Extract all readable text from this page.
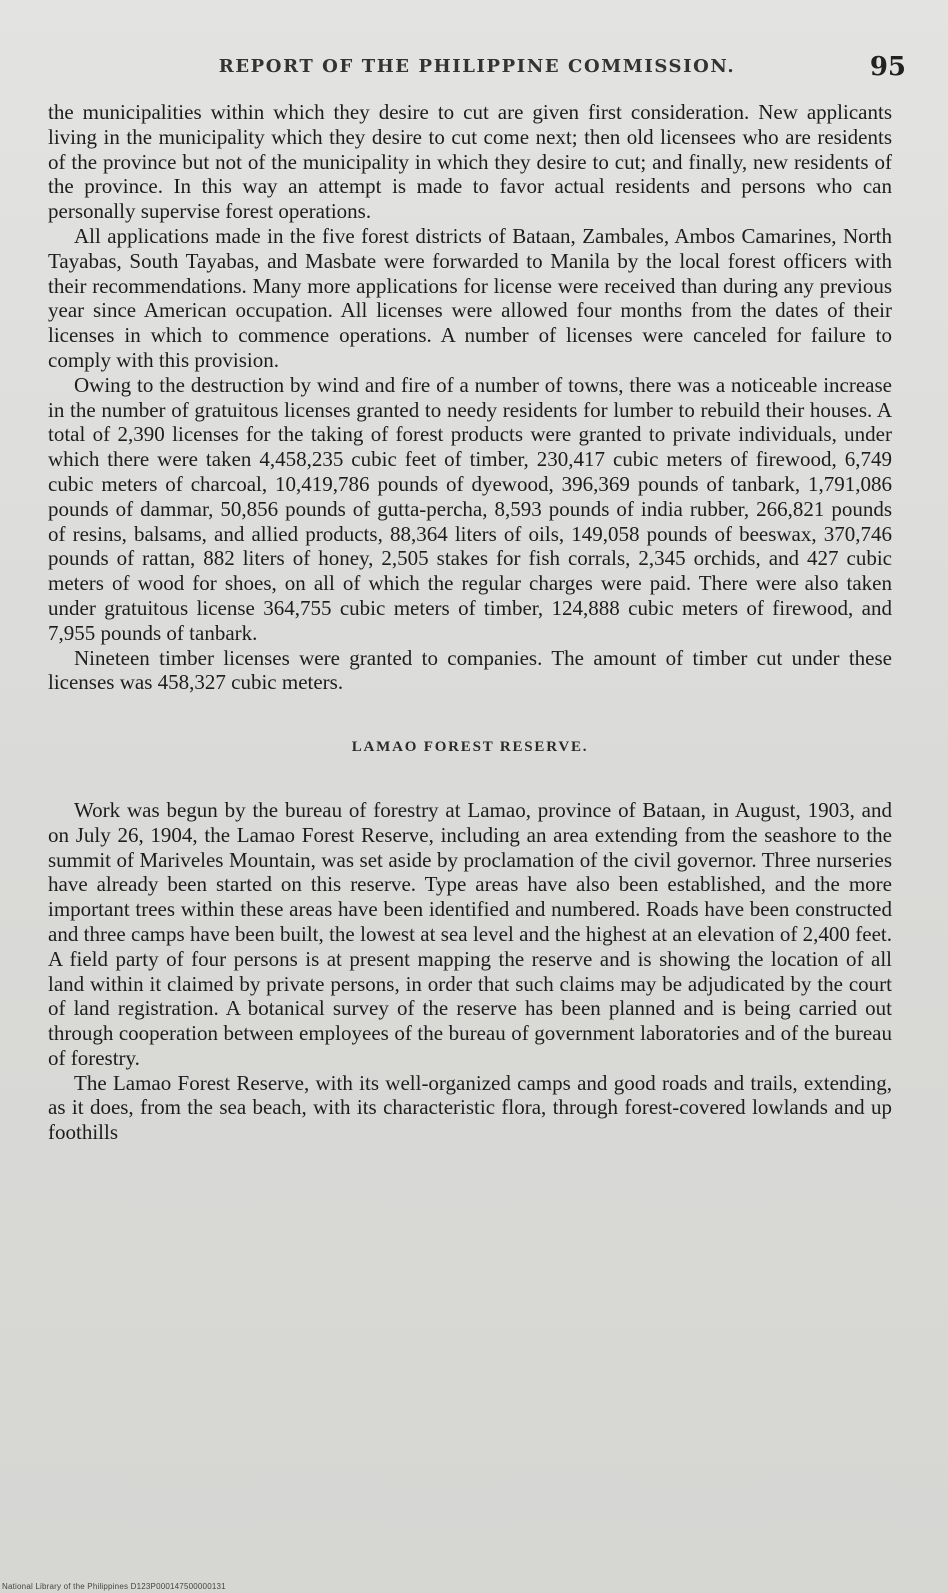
REPORT OF THE PHILIPPINE COMMISSION.	95

the municipalities within which they desire to cut are given first consideration. New applicants living in the municipality which they desire to cut come next; then old licensees who are residents of the province but not of the municipality in which they desire to cut; and finally, new residents of the province. In this way an attempt is made to favor actual residents and persons who can personally supervise forest operations.

All applications made in the five forest districts of Bataan, Zambales, Ambos Camarines, North Tayabas, South Tayabas, and Masbate were forwarded to Manila by the local forest officers with their recommendations. Many more applications for license were received than during any previous year since American occupation. All licenses were allowed four months from the dates of their licenses in which to commence operations. A number of licenses were canceled for failure to comply with this provision.

Owing to the destruction by wind and fire of a number of towns, there was a noticeable increase in the number of gratuitous licenses granted to needy residents for lumber to rebuild their houses. A total of 2,390 licenses for the taking of forest products were granted to private individuals, under which there were taken 4,458,235 cubic feet of timber, 230,417 cubic meters of firewood, 6,749 cubic meters of charcoal, 10,419,786 pounds of dyewood, 396,369 pounds of tanbark, 1,791,086 pounds of dammar, 50,856 pounds of gutta-percha, 8,593 pounds of india rubber, 266,821 pounds of resins, balsams, and allied products, 88,364 liters of oils, 149,058 pounds of beeswax, 370,746 pounds of rattan, 882 liters of honey, 2,505 stakes for fish corrals, 2,345 orchids, and 427 cubic meters of wood for shoes, on all of which the regular charges were paid. There were also taken under gratuitous license 364,755 cubic meters of timber, 124,888 cubic meters of firewood, and 7,955 pounds of tanbark.

Nineteen timber licenses were granted to companies. The amount of timber cut under these licenses was 458,327 cubic meters.

LAMAO FOREST RESERVE.

Work was begun by the bureau of forestry at Lamao, province of Bataan, in August, 1903, and on July 26, 1904, the Lamao Forest Reserve, including an area extending from the seashore to the summit of Mariveles Mountain, was set aside by proclamation of the civil governor. Three nurseries have already been started on this reserve. Type areas have also been established, and the more important trees within these areas have been identified and numbered. Roads have been constructed and three camps have been built, the lowest at sea level and the highest at an elevation of 2,400 feet. A field party of four persons is at present mapping the reserve and is showing the location of all land within it claimed by private persons, in order that such claims may be adjudicated by the court of land registration. A botanical survey of the reserve has been planned and is being carried out through cooperation between employees of the bureau of government laboratories and of the bureau of forestry.

The Lamao Forest Reserve, with its well-organized camps and good roads and trails, extending, as it does, from the sea beach, with its characteristic flora, through forest-covered lowlands and up foothills

National Library of the Philippines D123P000147500000131
